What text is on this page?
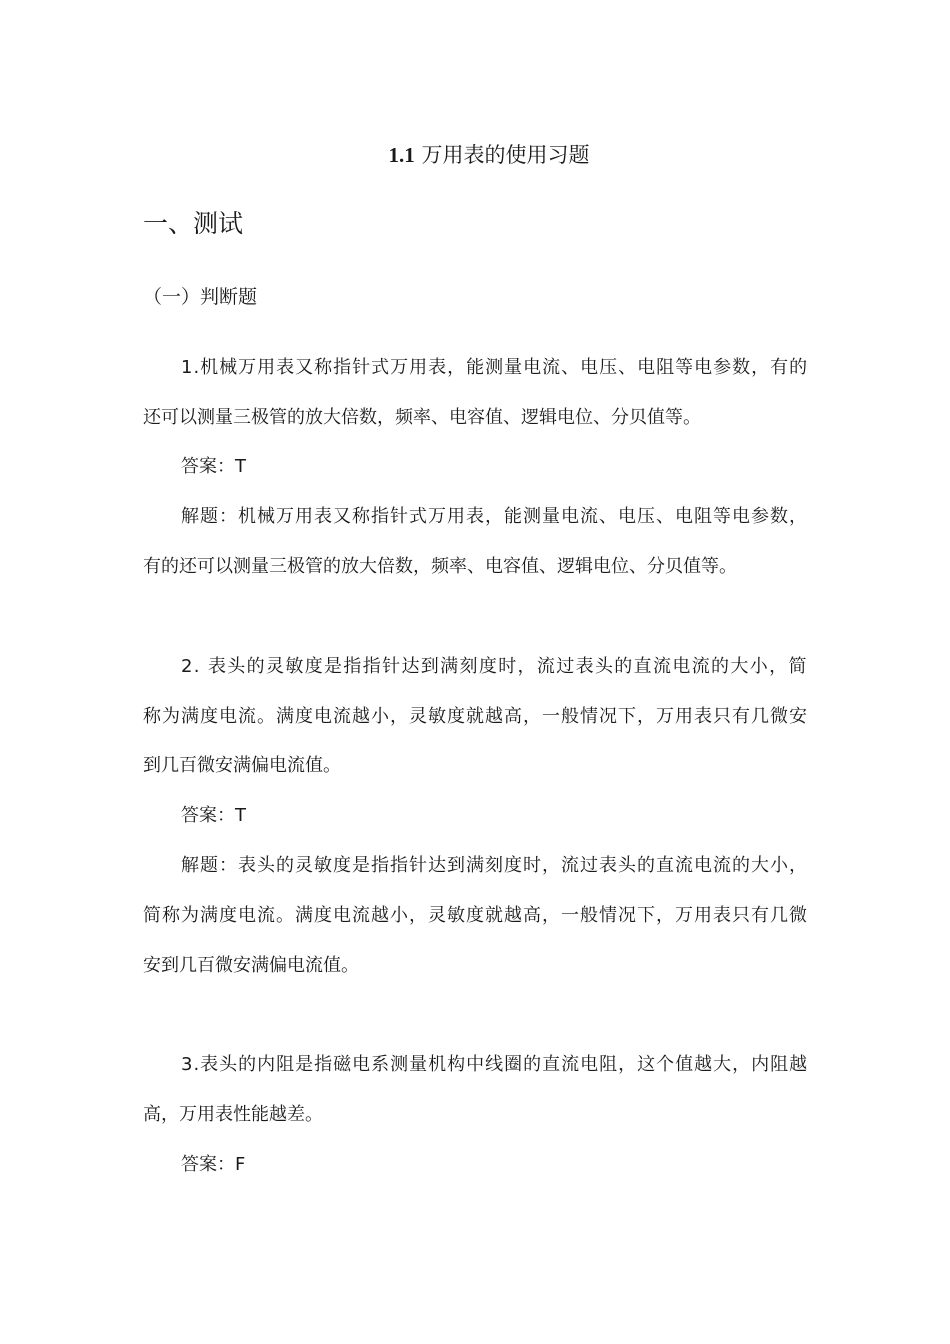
1.1 万用表的使用习题
一、测试
（一）判断题
1.机械万用表又称指针式万用表，能测量电流、电压、电阻等电参数，有的
还可以测量三极管的放大倍数，频率、电容值、逻辑电位、分贝值等。
答案：T
解题：机械万用表又称指针式万用表，能测量电流、电压、电阻等电参数，
有的还可以测量三极管的放大倍数，频率、电容值、逻辑电位、分贝值等。
2. 表头的灵敏度是指指针达到满刻度时，流过表头的直流电流的大小，简
称为满度电流。满度电流越小，灵敏度就越高，一般情况下，万用表只有几微安
到几百微安满偏电流值。
答案：T
解题：表头的灵敏度是指指针达到满刻度时，流过表头的直流电流的大小，
简称为满度电流。满度电流越小，灵敏度就越高，一般情况下，万用表只有几微
安到几百微安满偏电流值。
3.表头的内阻是指磁电系测量机构中线圈的直流电阻，这个值越大，内阻越
高，万用表性能越差。
答案：F
